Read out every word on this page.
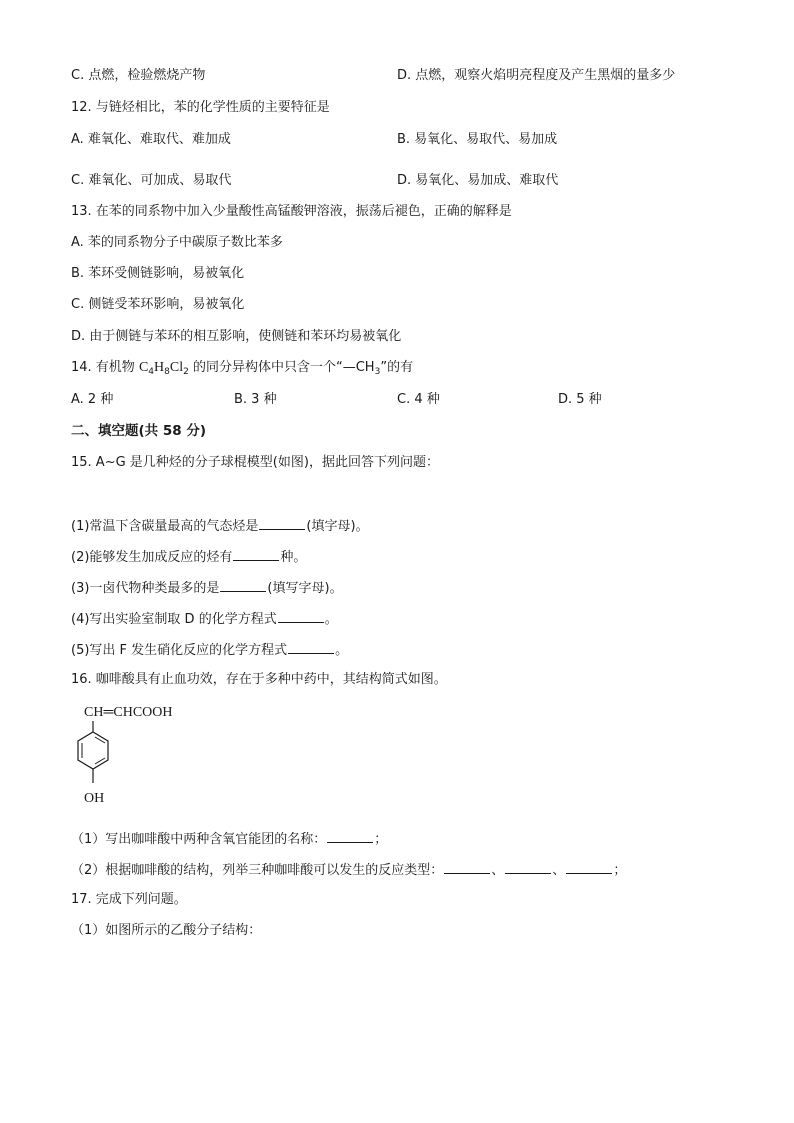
C. 点燃，检验燃烧产物	D. 点燃，观察火焰明亮程度及产生黑烟的量多少
12. 与链烃相比，苯的化学性质的主要特征是
A. 难氧化、难取代、难加成	B. 易氧化、易取代、易加成
C. 难氧化、可加成、易取代	D. 易氧化、易加成、难取代
13. 在苯的同系物中加入少量酸性高锰酸钾溶液，振荡后褪色，正确的解释是
A. 苯的同系物分子中碳原子数比苯多
B. 苯环受侧链影响，易被氧化
C. 侧链受苯环影响，易被氧化
D. 由于侧链与苯环的相互影响，使侧链和苯环均易被氧化
14. 有机物 $C_4H_8Cl_2$ 的同分异构体中只含一个“$—CH_3$”的有
A. 2 种	B. 3 种	C. 4 种	D. 5 种
二、填空题(共 58 分)
15. A~G 是几种烃的分子球棍模型(如图)，据此回答下列问题：
(1)常温下含碳量最高的气态烃是	(填字母)。
(2)能够发生加成反应的烃有	种。
(3)一卤代物种类最多的是	(填写字母)。
(4)写出实验室制取 D 的化学方程式	。
(5)写出 F 发生硝化反应的化学方程式	。
16. 咖啡酸具有止血功效，存在于多种中药中，其结构简式如图。
CH═CHCOOH
OH
（1）写出咖啡酸中两种含氧官能团的名称：	；
（2）根据咖啡酸的结构，列举三种咖啡酸可以发生的反应类型：	、	、	；
17. 完成下列问题。
（1）如图所示的乙酸分子结构：
